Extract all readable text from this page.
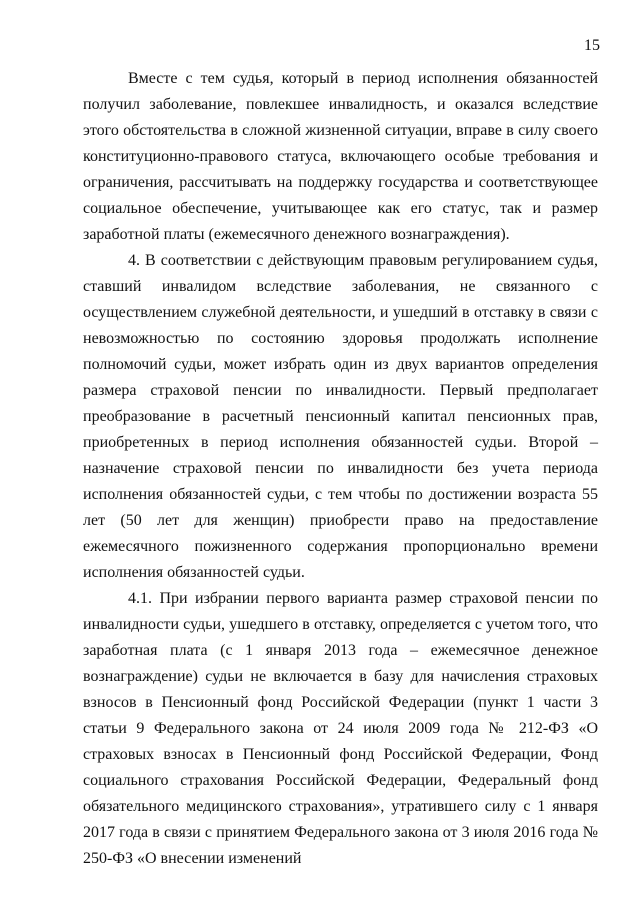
15

Вместе с тем судья, который в период исполнения обязанностей получил заболевание, повлекшее инвалидность, и оказался вследствие этого обстоятельства в сложной жизненной ситуации, вправе в силу своего конституционно-правового статуса, включающего особые требования и ограничения, рассчитывать на поддержку государства и соответствующее социальное обеспечение, учитывающее как его статус, так и размер заработной платы (ежемесячного денежного вознаграждения).

4. В соответствии с действующим правовым регулированием судья, ставший инвалидом вследствие заболевания, не связанного с осуществлением служебной деятельности, и ушедший в отставку в связи с невозможностью по состоянию здоровья продолжать исполнение полномочий судьи, может избрать один из двух вариантов определения размера страховой пенсии по инвалидности. Первый предполагает преобразование в расчетный пенсионный капитал пенсионных прав, приобретенных в период исполнения обязанностей судьи. Второй – назначение страховой пенсии по инвалидности без учета периода исполнения обязанностей судьи, с тем чтобы по достижении возраста 55 лет (50 лет для женщин) приобрести право на предоставление ежемесячного пожизненного содержания пропорционально времени исполнения обязанностей судьи.

4.1. При избрании первого варианта размер страховой пенсии по инвалидности судьи, ушедшего в отставку, определяется с учетом того, что заработная плата (с 1 января 2013 года – ежемесячное денежное вознаграждение) судьи не включается в базу для начисления страховых взносов в Пенсионный фонд Российской Федерации (пункт 1 части 3 статьи 9 Федерального закона от 24 июля 2009 года № 212-ФЗ «О страховых взносах в Пенсионный фонд Российской Федерации, Фонд социального страхования Российской Федерации, Федеральный фонд обязательного медицинского страхования», утратившего силу с 1 января 2017 года в связи с принятием Федерального закона от 3 июля 2016 года № 250-ФЗ «О внесении изменений
